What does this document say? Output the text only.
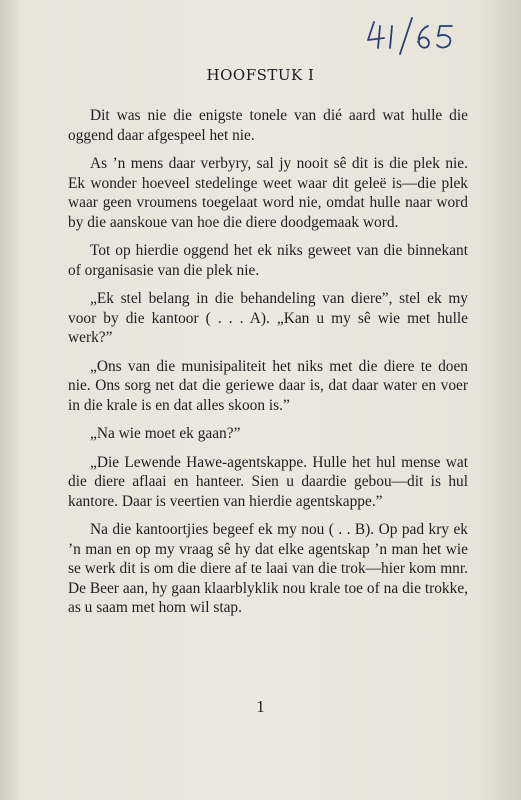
HOOFSTUK I

Dit was nie die enigste tonele van dié aard wat hulle die oggend daar afgespeel het nie.

As ’n mens daar verbyry, sal jy nooit sê dit is die plek nie. Ek wonder hoeveel stedelinge weet waar dit geleë is—die plek waar geen vroumens toegelaat word nie, omdat hulle naar word by die aanskoue van hoe die diere doodgemaak word.

Tot op hierdie oggend het ek niks geweet van die binnekant of organisasie van die plek nie.

„Ek stel belang in die behandeling van diere”, stel ek my voor by die kantoor ( . . . A). „Kan u my sê wie met hulle werk?”

„Ons van die munisipaliteit het niks met die diere te doen nie. Ons sorg net dat die geriewe daar is, dat daar water en voer in die krale is en dat alles skoon is.”

„Na wie moet ek gaan?”

„Die Lewende Hawe-agentskappe. Hulle het hul mense wat die diere aflaai en hanteer. Sien u daardie gebou—dit is hul kantore. Daar is veertien van hierdie agentskappe.”

Na die kantoortjies begeef ek my nou ( . . B). Op pad kry ek ’n man en op my vraag sê hy dat elke agentskap ’n man het wie se werk dit is om die diere af te laai van die trok—hier kom mnr. De Beer aan, hy gaan klaarblyklik nou krale toe of na die trokke, as u saam met hom wil stap.

1
